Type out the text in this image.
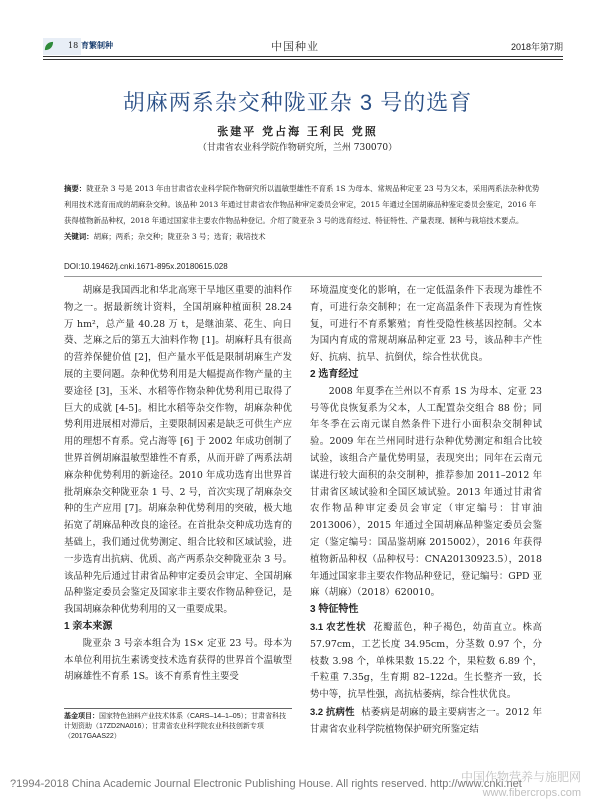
18 育繁制种	中国种业	2018年第7期
胡麻两系杂交种陇亚杂 3 号的选育
张建平 党占海 王利民 党照
（甘肃省农业科学院作物研究所，兰州 730070）
摘要：陇亚杂 3 号是 2013 年由甘肃省农业科学院作物研究所以温敏型雄性不育系 1S 为母本、常规品种定亚 23 号为父本，采用两系法杂种优势利用技术选育而成的胡麻杂交种。该品种 2013 年通过甘肃省农作物品种审定委员会审定，2015 年通过全国胡麻品种鉴定委员会鉴定，2016 年获得植物新品种权，2018 年通过国家非主要农作物品种登记。介绍了陇亚杂 3 号的选育经过、特征特性、产量表现、制种与栽培技术要点。
关键词：胡麻；两系；杂交种；陇亚杂 3 号；选育；栽培技术
DOI:10.19462/j.cnki.1671-895x.20180615.028

胡麻是我国西北和华北高寒干旱地区重要的油料作物之一。据最新统计资料，全国胡麻种植面积 28.24 万 hm²，总产量 40.28 万 t，是继油菜、花生、向日葵、芝麻之后的第五大油料作物 [1]。胡麻籽具有很高的营养保健价值 [2]，但产量水平低是限制胡麻生产发展的主要问题。杂种优势利用是大幅提高作物产量的主要途径 [3]，玉米、水稻等作物杂种优势利用已取得了巨大的成就 [4-5]。相比水稻等杂交作物，胡麻杂种优势利用进展相对滞后，主要限制因素是缺乏可供生产应用的理想不育系。党占海等 [6] 于 2002 年成功创制了世界首例胡麻温敏型雄性不育系，从而开辟了两系法胡麻杂种优势利用的新途径。2010 年成功选育出世界首批胡麻杂交种陇亚杂 1 号、2 号，首次实现了胡麻杂交种的生产应用 [7]。胡麻杂种优势利用的突破，极大地拓宽了胡麻品种改良的途径。在首批杂交种成功选育的基础上，我们通过优势测定、组合比较和区域试验，进一步选育出抗病、优质、高产两系杂交种陇亚杂 3 号。该品种先后通过甘肃省品种审定委员会审定、全国胡麻品种鉴定委员会鉴定及国家非主要农作物品种登记，是我国胡麻杂种优势利用的又一重要成果。

1 亲本来源

陇亚杂 3 号亲本组合为 1S× 定亚 23 号。母本为本单位利用抗生素诱变技术选育获得的世界首个温敏型胡麻雄性不育系 1S。该不育系育性主要受

环境温度变化的影响，在一定低温条件下表现为雄性不育，可进行杂交制种；在一定高温条件下表现为育性恢复，可进行不育系繁殖；育性受隐性核基因控制。父本为国内育成的常规胡麻品种定亚 23 号，该品种丰产性好、抗病、抗旱、抗倒伏，综合性状优良。

2 选育经过

2008 年夏季在兰州以不育系 1S 为母本、定亚 23 号等优良恢复系为父本，人工配置杂交组合 88 份；同年冬季在云南元谋自然条件下进行小面积杂交制种试验。2009 年在兰州同时进行杂种优势测定和组合比较试验，该组合产量优势明显，表现突出；同年在云南元谋进行较大面积的杂交制种，推荐参加 2011–2012 年甘肃省区域试验和全国区域试验。2013 年通过甘肃省农作物品种审定委员会审定（审定编号：甘审油 2013006），2015 年通过全国胡麻品种鉴定委员会鉴定（鉴定编号：国品鉴胡麻 2015002），2016 年获得植物新品种权（品种权号：CNA20130923.5），2018 年通过国家非主要农作物品种登记，登记编号：GPD 亚麻（胡麻）（2018）620010。

3 特征特性

3.1 农艺性状 花瓣蓝色，种子褐色，幼苗直立。株高 57.97cm，工艺长度 34.95cm，分茎数 0.97 个，分枝数 3.98 个，单株果数 15.22 个，果粒数 6.89 个，千粒重 7.35g，生育期 82–122d。生长整齐一致，长势中等，抗旱性强，高抗枯萎病，综合性状优良。

3.2 抗病性 枯萎病是胡麻的最主要病害之一。2012 年甘肃省农业科学院植物保护研究所鉴定结

基金项目：国家特色油料产业技术体系（CARS–14–1–05）；甘肃省科技计划资助（17ZD2NA016）；甘肃省农业科学院农业科技创新专项（2017GAAS22）
?1994-2018 China Academic Journal Electronic Publishing House. All rights reserved. http://www.cnki.net
中国作物营养与施肥网
www.fibercrops.com
